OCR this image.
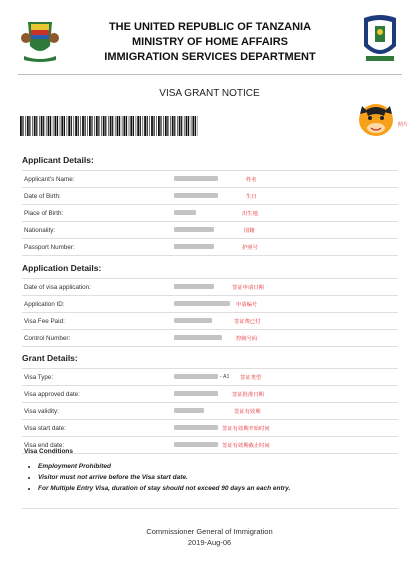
THE UNITED REPUBLIC OF TANZANIA
MINISTRY OF HOME AFFAIRS
IMMIGRATION SERVICES DEPARTMENT
VISA GRANT NOTICE
照片
Applicant Details:
Applicant's Name:	姓名
Date of Birth:	生日
Place of Birth:	出生地
Nationality:	国籍
Passport Number:	护照号
Application Details:
Date of visa application:	签证申请日期
Application ID:	申请编号
Visa Fee Paid:	签证费已付
Control Number:	控制号码
Grant Details:
Visa Type:	- A1 签证类型
Visa approved date:	签证批准日期
Visa validity:	签证有效期
Visa start date:	签证有效期开始时间
Visa end date:	签证有效期截止时间
Visa Conditions
• Employment Prohibited
• Visitor must not arrive before the Visa start date.
• For Multiple Entry Visa, duration of stay should not exceed 90 days an each entry.
Commissioner General of Immigration
2019-Aug-06
